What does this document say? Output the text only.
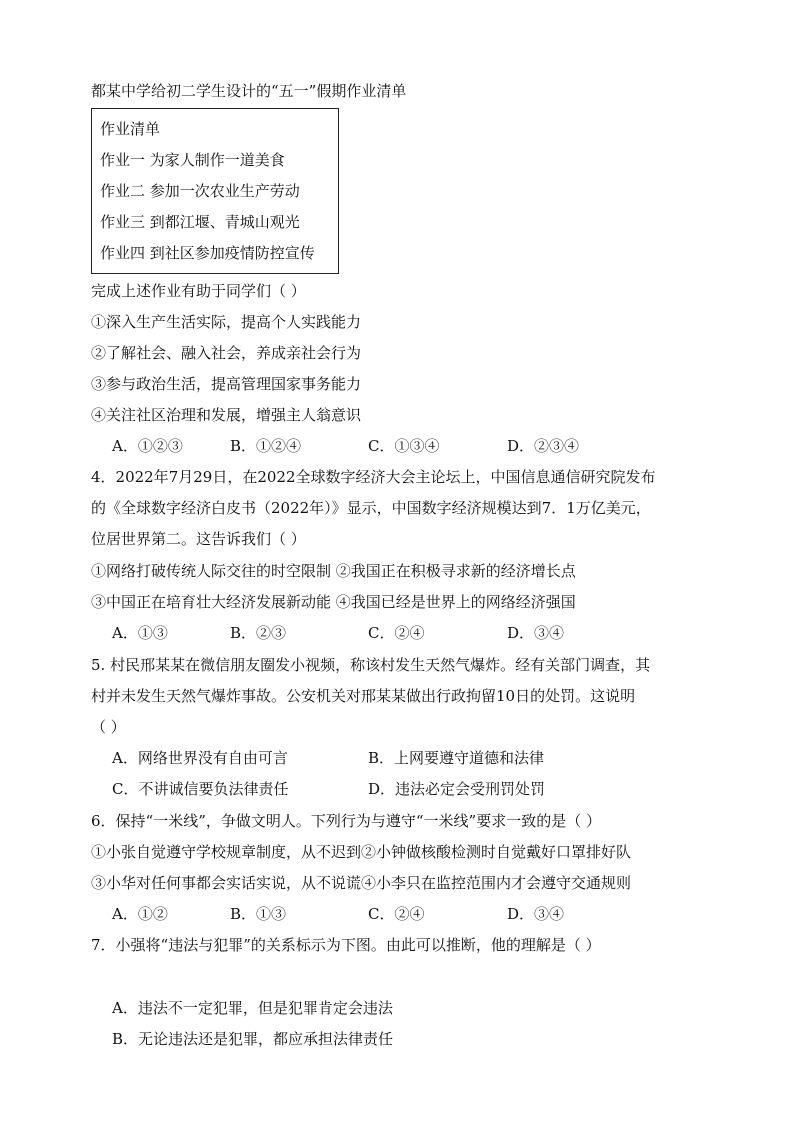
都某中学给初二学生设计的“五一”假期作业清单
作业清单
作业一 为家人制作一道美食
作业二 参加一次农业生产劳动
作业三 到都江堰、青城山观光
作业四 到社区参加疫情防控宣传
完成上述作业有助于同学们（ ）
①深入生产生活实际，提高个人实践能力
②了解社会、融入社会，养成亲社会行为
③参与政治生活，提高管理国家事务能力
④关注社区治理和发展，增强主人翁意识
A．①②③	B．①②④	C．①③④	D．②③④
4．2022年7月29日，在2022全球数字经济大会主论坛上，中国信息通信研究院发布
的《全球数字经济白皮书（2022年）》显示，中国数字经济规模达到7．1万亿美元，
位居世界第二。这告诉我们（ ）
①网络打破传统人际交往的时空限制 ②我国正在积极寻求新的经济增长点
③中国正在培育壮大经济发展新动能 ④我国已经是世界上的网络经济强国
A．①③	B．②③	C．②④	D．③④
5. 村民邢某某在微信朋友圈发小视频，称该村发生天然气爆炸。经有关部门调查，其
村并未发生天然气爆炸事故。公安机关对邢某某做出行政拘留10日的处罚。这说明
（ ）
A．网络世界没有自由可言	B．上网要遵守道德和法律
C．不讲诚信要负法律责任	D．违法必定会受刑罚处罚
6．保持“一米线”，争做文明人。下列行为与遵守“一米线”要求一致的是（ ）
①小张自觉遵守学校规章制度，从不迟到②小钟做核酸检测时自觉戴好口罩排好队
③小华对任何事都会实话实说，从不说谎④小李只在监控范围内才会遵守交通规则
A．①②	B．①③	C．②④	D．③④
7．小强将“违法与犯罪”的关系标示为下图。由此可以推断，他的理解是（ ）
A．违法不一定犯罪，但是犯罪肯定会违法
B．无论违法还是犯罪，都应承担法律责任
